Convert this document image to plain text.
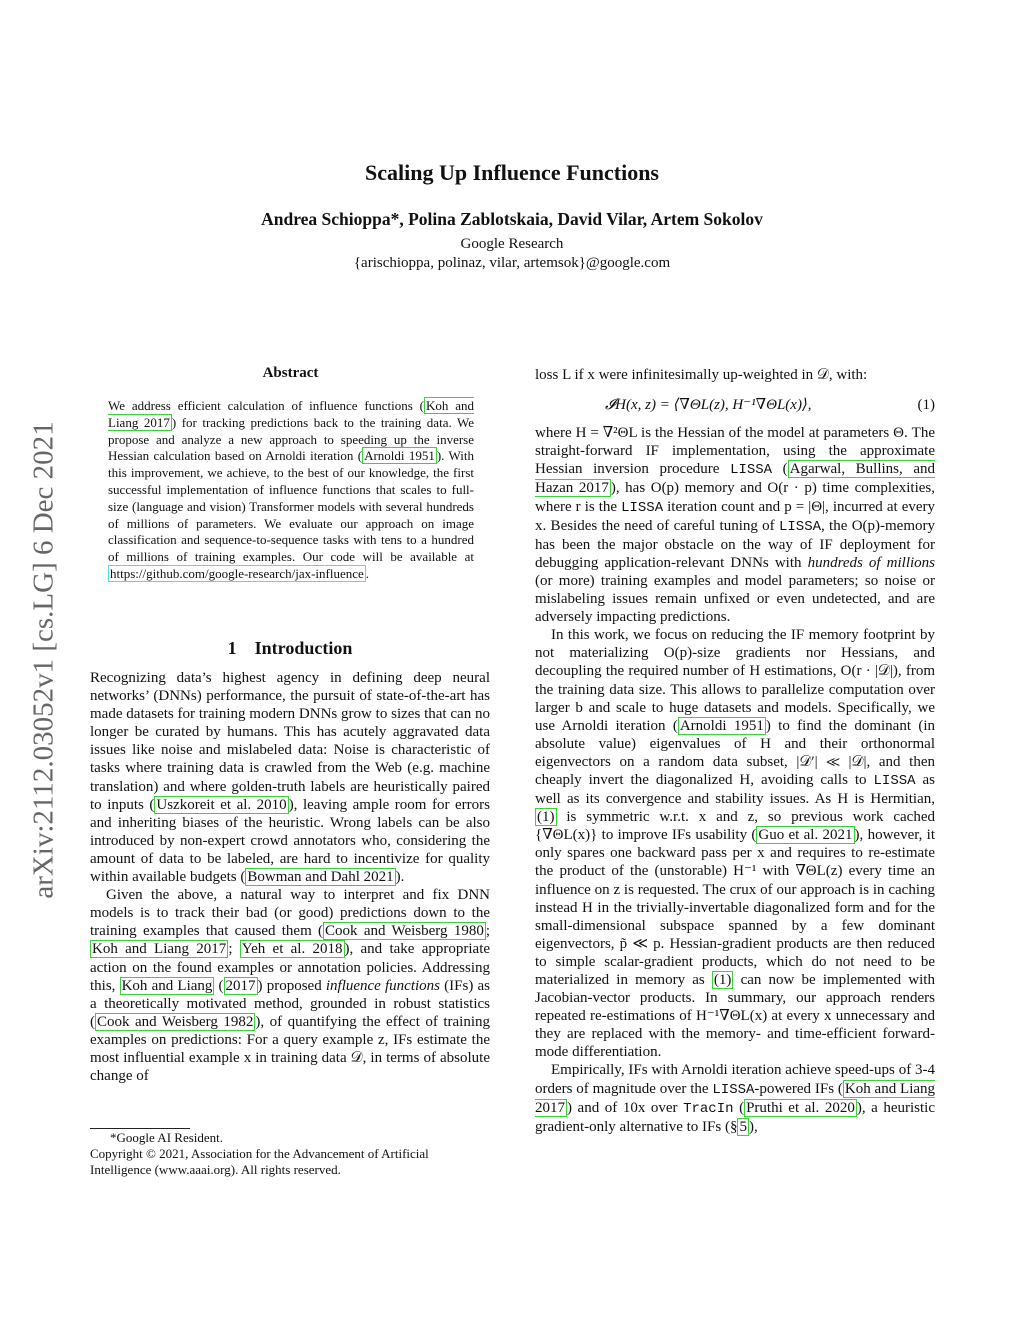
Scaling Up Influence Functions
Andrea Schioppa*, Polina Zablotskaia, David Vilar, Artem Sokolov
Google Research
{arischioppa, polinaz, vilar, artemsok}@google.com
arXiv:2112.03052v1 [cs.LG] 6 Dec 2021
Abstract
We address efficient calculation of influence functions ( Koh and Liang 2017 ) for tracking predictions back to the training data. We propose and analyze a new approach to speeding up the inverse Hessian calculation based on Arnoldi iteration ( Arnoldi 1951 ). With this improvement, we achieve, to the best of our knowledge, the first successful implementation of influence functions that scales to full-size (language and vision) Transformer models with several hundreds of millions of parameters. We evaluate our approach on image classification and sequence-to-sequence tasks with tens to a hundred of millions of training examples. Our code will be available at https://github.com/google-research/jax-influence .
1 Introduction

Recognizing data’s highest agency in defining deep neural networks’ (DNNs) performance, the pursuit of state-of-the-art has made datasets for training modern DNNs grow to sizes that can no longer be curated by humans. This has acutely aggravated data issues like noise and mislabeled data: Noise is characteristic of tasks where training data is crawled from the Web (e.g. machine translation) and where golden-truth labels are heuristically paired to inputs ( Uszkoreit et al. 2010 ), leaving ample room for errors and inheriting biases of the heuristic. Wrong labels can be also introduced by non-expert crowd annotators who, considering the amount of data to be labeled, are hard to incentivize for quality within available budgets ( Bowman and Dahl 2021 ).

Given the above, a natural way to interpret and fix DNN models is to track their bad (or good) predictions down to the training examples that caused them ( Cook and Weisberg 1980 ; Koh and Liang 2017 ; Yeh et al. 2018 ), and take appropriate action on the found examples or annotation policies. Addressing this, Koh and Liang ( 2017 ) proposed influence functions (IFs) as a theoretically motivated method, grounded in robust statistics ( Cook and Weisberg 1982 ), of quantifying the effect of training examples on predictions: For a query example z, IFs estimate the most influential example x in training data 𝒟, in terms of absolute change of

loss L if x were infinitesimally up-weighted in 𝒟, with:

𝓘H(x, z) = ⟨∇ΘL(z), H⁻¹∇ΘL(x)⟩,	(1)

where H = ∇²ΘL is the Hessian of the model at parameters Θ. The straight-forward IF implementation, using the approximate Hessian inversion procedure LISSA ( Agarwal, Bullins, and Hazan 2017 ), has O(p) memory and O(r · p) time complexities, where r is the LISSA iteration count and p = |Θ|, incurred at every x. Besides the need of careful tuning of LISSA, the O(p)-memory has been the major obstacle on the way of IF deployment for debugging application-relevant DNNs with hundreds of millions (or more) training examples and model parameters; so noise or mislabeling issues remain unfixed or even undetected, and are adversely impacting predictions.

In this work, we focus on reducing the IF memory footprint by not materializing O(p)-size gradients nor Hessians, and decoupling the required number of H estimations, O(r · |𝒟|), from the training data size. This allows to parallelize computation over larger b and scale to huge datasets and models. Specifically, we use Arnoldi iteration ( Arnoldi 1951 ) to find the dominant (in absolute value) eigenvalues of H and their orthonormal eigenvectors on a random data subset, |𝒟′| ≪ |𝒟|, and then cheaply invert the diagonalized H, avoiding calls to LISSA as well as its convergence and stability issues. As H is Hermitian, (1) is symmetric w.r.t. x and z, so previous work cached {∇ΘL(x)} to improve IFs usability ( Guo et al. 2021 ), however, it only spares one backward pass per x and requires to re-estimate the product of the (unstorable) H⁻¹ with ∇ΘL(z) every time an influence on z is requested. The crux of our approach is in caching instead H in the trivially-invertable diagonalized form and for the small-dimensional subspace spanned by a few dominant eigenvectors, p̃ ≪ p. Hessian-gradient products are then reduced to simple scalar-gradient products, which do not need to be materialized in memory as (1) can now be implemented with Jacobian-vector products. In summary, our approach renders repeated re-estimations of H⁻¹∇ΘL(x) at every x unnecessary and they are replaced with the memory- and time-efficient forward-mode differentiation.

Empirically, IFs with Arnoldi iteration achieve speed-ups of 3-4 orders of magnitude over the LISSA-powered IFs ( Koh and Liang 2017 ) and of 10x over TracIn ( Pruthi et al. 2020 ), a heuristic gradient-only alternative to IFs (§ 5 ),

*Google AI Resident.
Copyright © 2021, Association for the Advancement of Artificial Intelligence (www.aaai.org). All rights reserved.
